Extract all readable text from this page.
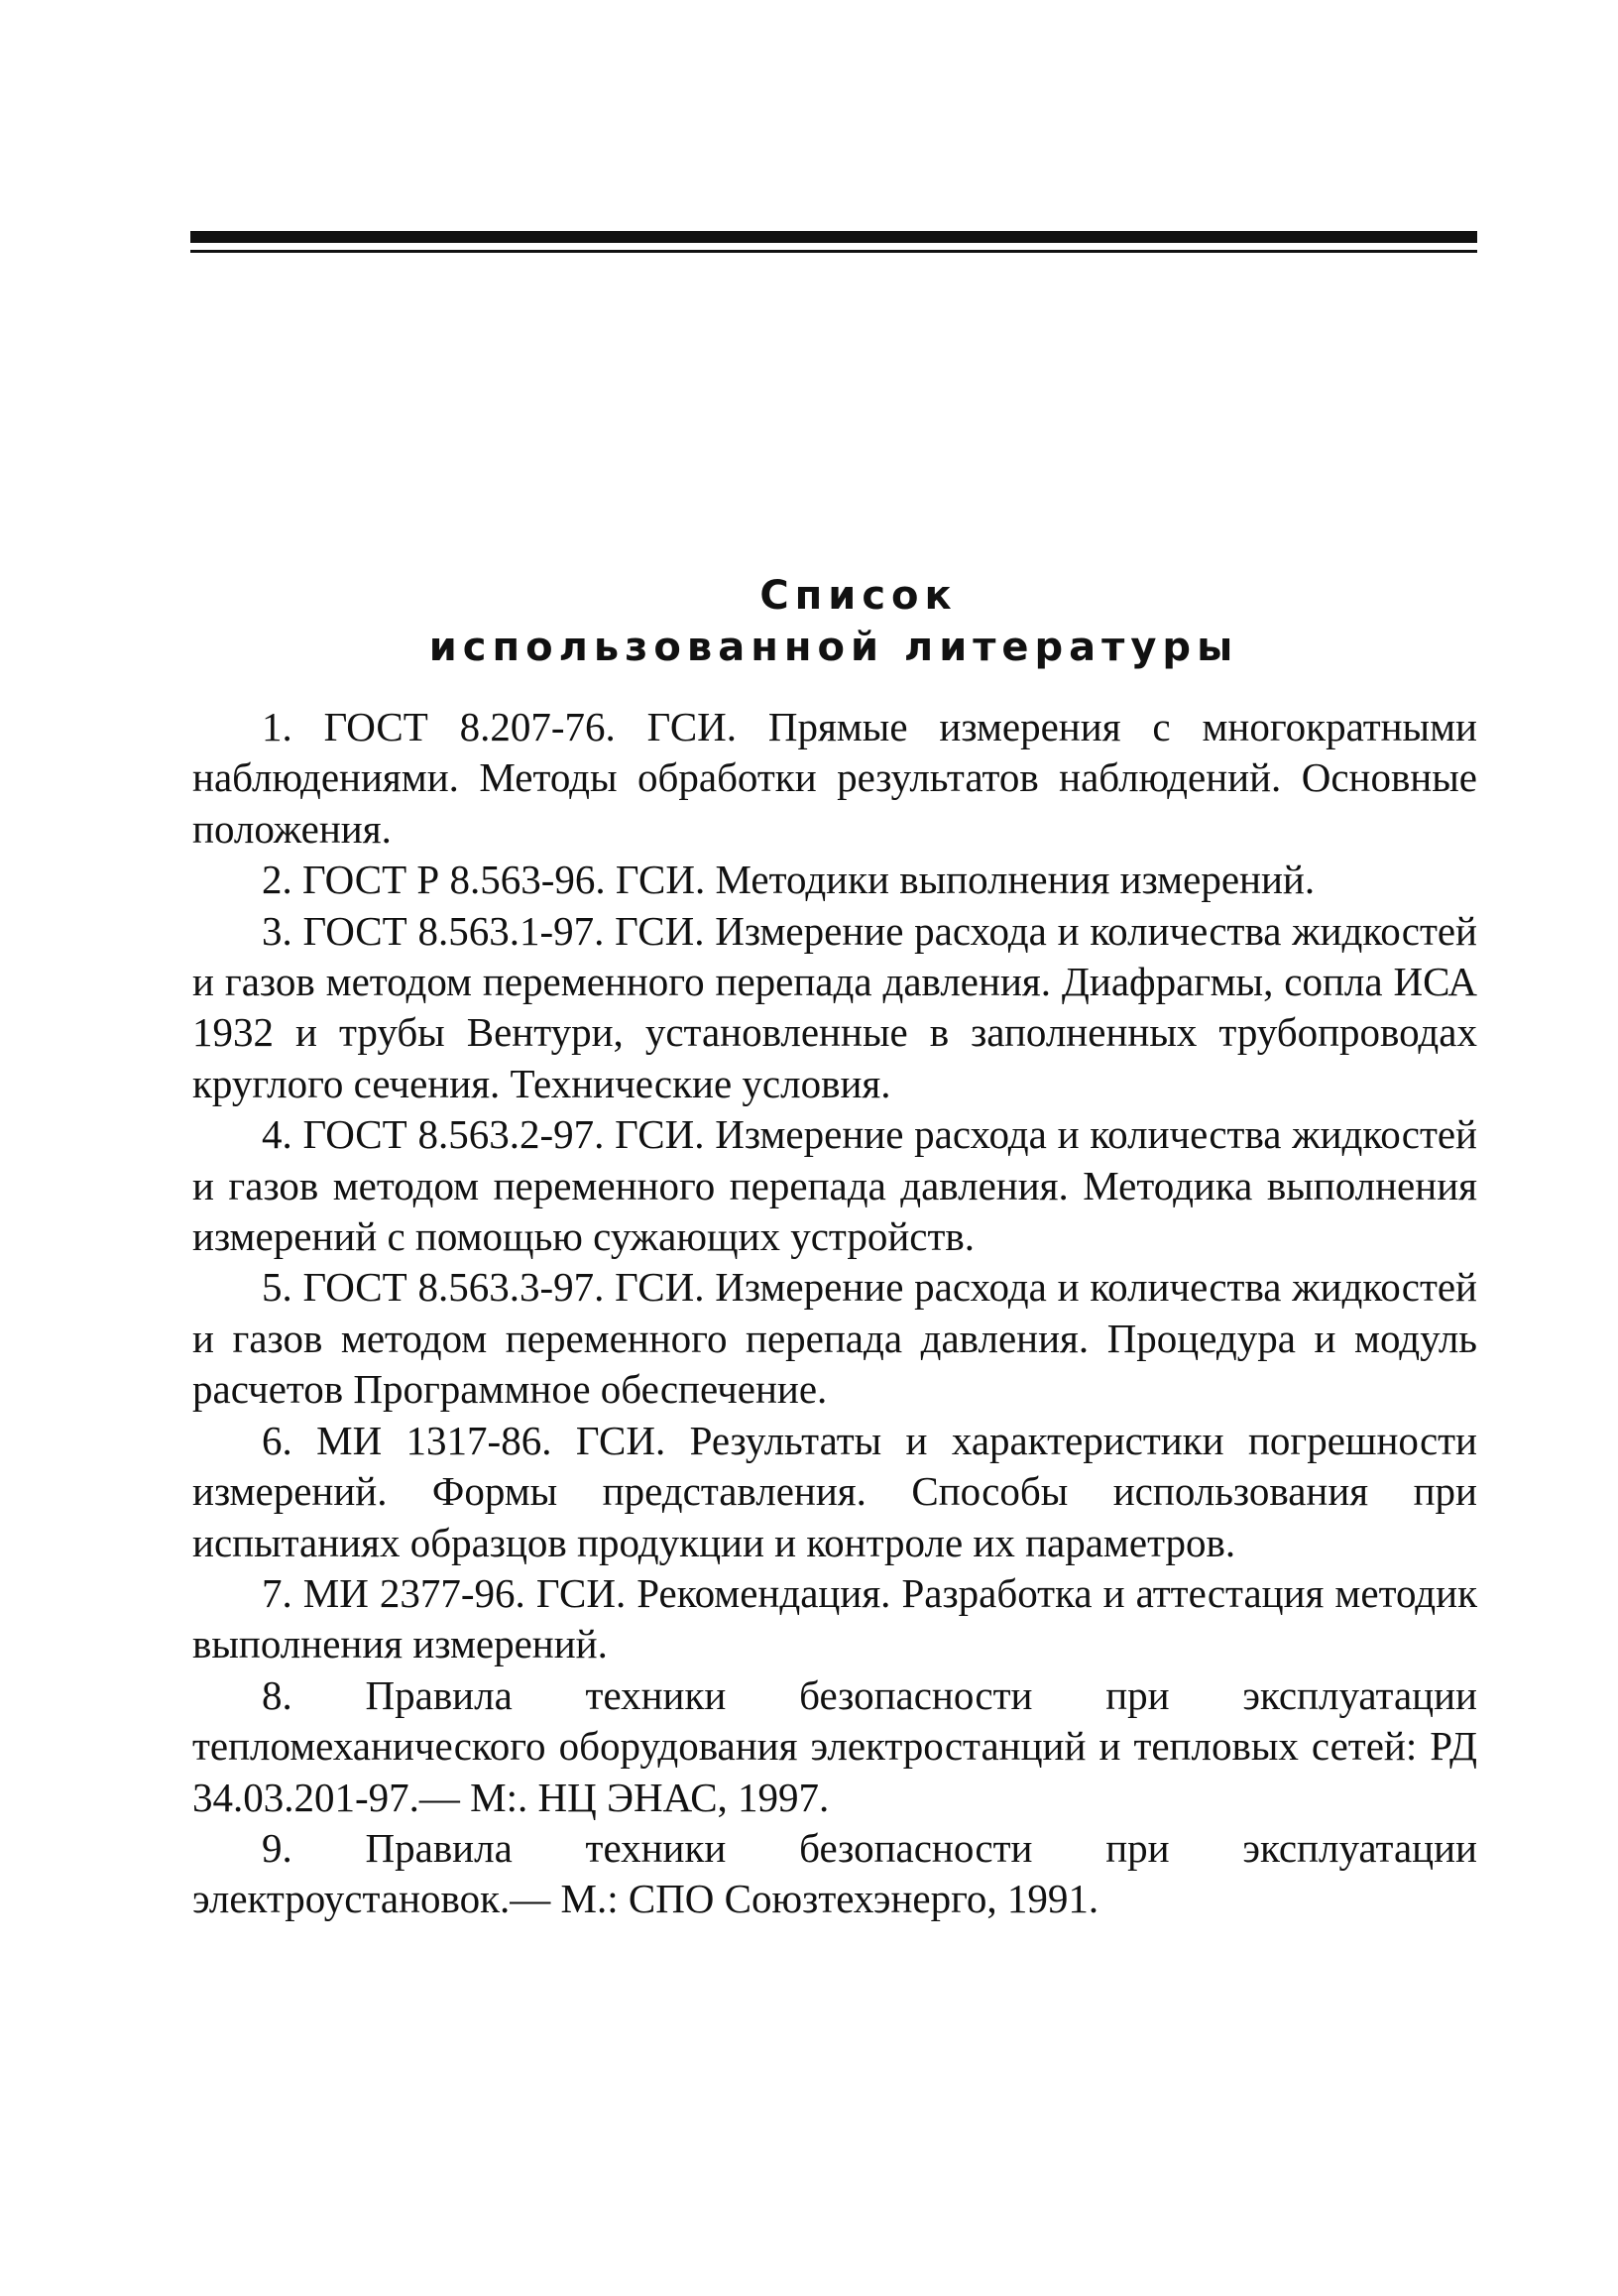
Список
использованной литературы
1. ГОСТ 8.207-76. ГСИ. Прямые измерения с многократными наблюдениями. Методы обработки результатов наблюдений. Основные положения.
2. ГОСТ Р 8.563-96. ГСИ. Методики выполнения измерений.
3. ГОСТ 8.563.1-97. ГСИ. Измерение расхода и количества жидкостей и газов методом переменного перепада давления. Диафрагмы, сопла ИСА 1932 и трубы Вентури, установленные в заполненных трубопроводах круглого сечения. Технические условия.
4. ГОСТ 8.563.2-97. ГСИ. Измерение расхода и количества жидкостей и газов методом переменного перепада давления. Методика выполнения измерений с помощью сужающих устройств.
5. ГОСТ 8.563.3-97. ГСИ. Измерение расхода и количества жидкостей и газов методом переменного перепада давления. Процедура и модуль расчетов Программное обеспечение.
6. МИ 1317-86. ГСИ. Результаты и характеристики погрешности измерений. Формы представления. Способы использования при испытаниях образцов продукции и контроле их параметров.
7. МИ 2377-96. ГСИ. Рекомендация. Разработка и аттестация методик выполнения измерений.
8. Правила техники безопасности при эксплуатации тепломеханического оборудования электростанций и тепловых сетей: РД 34.03.201-97.— М:. НЦ ЭНАС, 1997.
9. Правила техники безопасности при эксплуатации электроустановок.— М.: СПО Союзтехэнерго, 1991.
